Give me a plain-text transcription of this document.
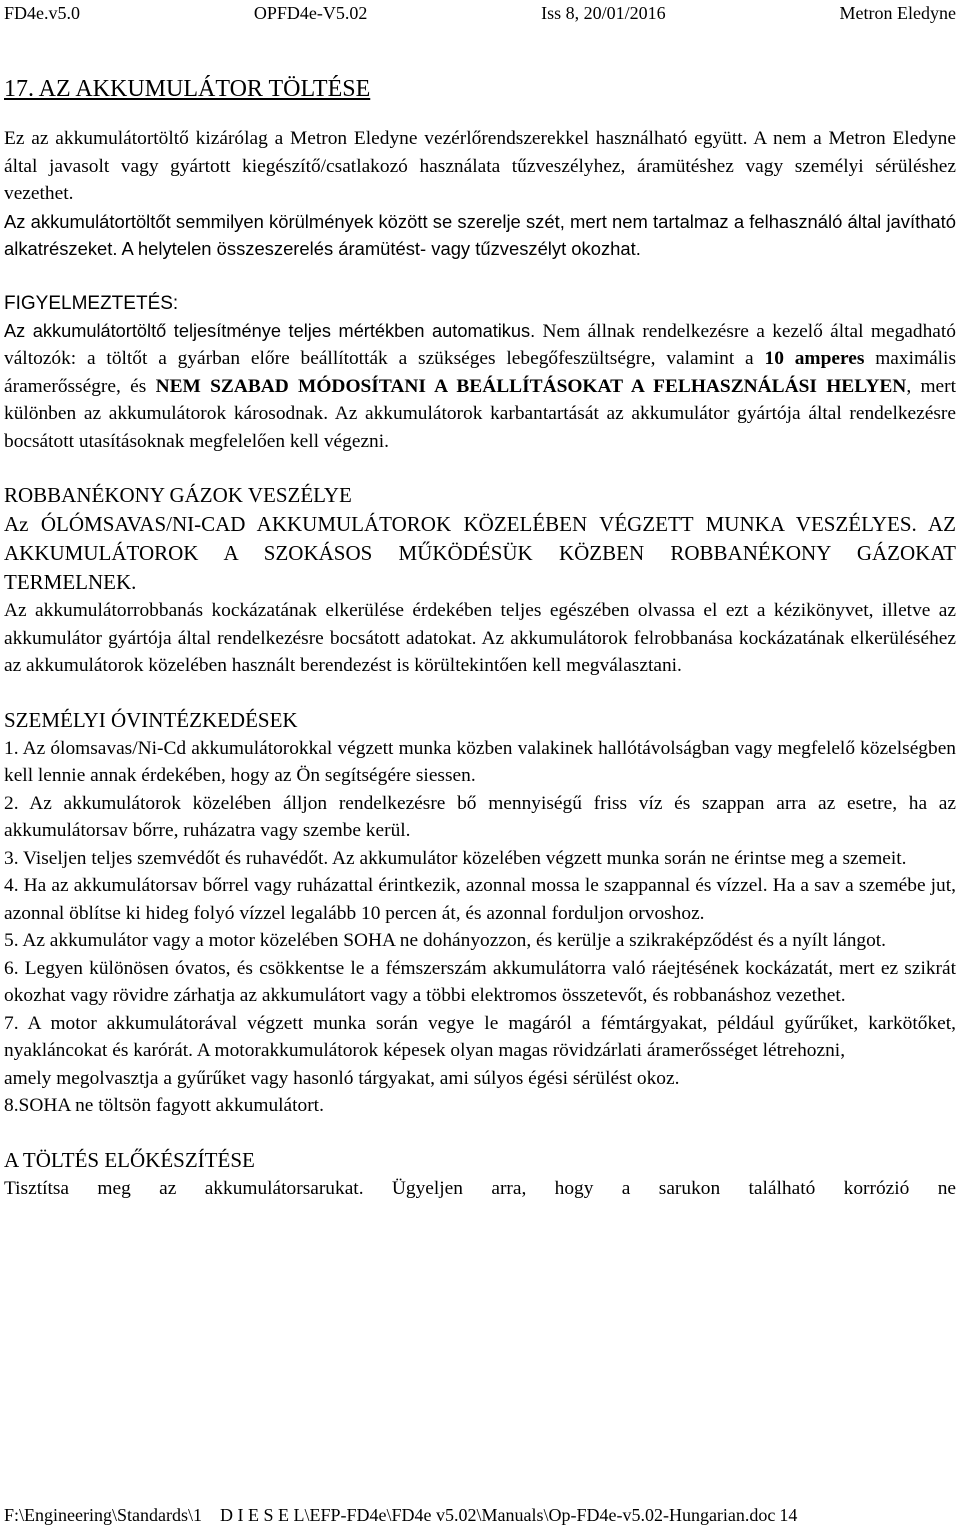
FD4e.v5.0	OPFD4e-V5.02	Iss 8, 20/01/2016	Metron Eledyne
17. AZ AKKUMULÁTOR TÖLTÉSE

Ez az akkumulátortöltő kizárólag a Metron Eledyne vezérlőrendszerekkel használható együtt. A nem a Metron Eledyne által javasolt vagy gyártott kiegészítő/csatlakozó használata tűzveszélyhez, áramütéshez vagy személyi sérüléshez vezethet.

Az akkumulátortöltőt semmilyen körülmények között se szerelje szét, mert nem tartalmaz a felhasználó által javítható alkatrészeket. A helytelen összeszerelés áramütést- vagy tűzveszélyt okozhat.

FIGYELMEZTETÉS:

Az akkumulátortöltő teljesítménye teljes mértékben automatikus. Nem állnak rendelkezésre a kezelő által megadható változók: a töltőt a gyárban előre beállították a szükséges lebegőfeszültségre, valamint a 10 amperes maximális áramerősségre, és NEM SZABAD MÓDOSÍTANI A BEÁLLÍTÁSOKAT A FELHASZNÁLÁSI HELYEN, mert különben az akkumulátorok károsodnak. Az akkumulátorok karbantartását az akkumulátor gyártója által rendelkezésre bocsátott utasításoknak megfelelően kell végezni.

ROBBANÉKONY GÁZOK VESZÉLYE

Az ÓLÓMSAVAS/NI-CAD AKKUMULÁTOROK KÖZELÉBEN VÉGZETT MUNKA VESZÉLYES. AZ AKKUMULÁTOROK A SZOKÁSOS MŰKÖDÉSÜK KÖZBEN ROBBANÉKONY GÁZOKAT TERMELNEK.

Az akkumulátorrobbanás kockázatának elkerülése érdekében teljes egészében olvassa el ezt a kézikönyvet, illetve az akkumulátor gyártója által rendelkezésre bocsátott adatokat. Az akkumulátorok felrobbanása kockázatának elkerüléséhez az akkumulátorok közelében használt berendezést is körültekintően kell megválasztani.

SZEMÉLYI ÓVINTÉZKEDÉSEK

1. Az ólomsavas/Ni-Cd akkumulátorokkal végzett munka közben valakinek hallótávolságban vagy megfelelő közelségben kell lennie annak érdekében, hogy az Ön segítségére siessen.

2. Az akkumulátorok közelében álljon rendelkezésre bő mennyiségű friss víz és szappan arra az esetre, ha az akkumulátorsav bőrre, ruházatra vagy szembe kerül.

3. Viseljen teljes szemvédőt és ruhavédőt. Az akkumulátor közelében végzett munka során ne érintse meg a szemeit.

4. Ha az akkumulátorsav bőrrel vagy ruházattal érintkezik, azonnal mossa le szappannal és vízzel. Ha a sav a szemébe jut, azonnal öblítse ki hideg folyó vízzel legalább 10 percen át, és azonnal forduljon orvoshoz.

5. Az akkumulátor vagy a motor közelében SOHA ne dohányozzon, és kerülje a szikraképződést és a nyílt lángot.

6. Legyen különösen óvatos, és csökkentse le a fémszerszám akkumulátorra való ráejtésének kockázatát, mert ez szikrát okozhat vagy rövidre zárhatja az akkumulátort vagy a többi elektromos összetevőt, és robbanáshoz vezethet.

7. A motor akkumulátorával végzett munka során vegye le magáról a fémtárgyakat, például gyűrűket, karkötőket, nyakláncokat és karórát. A motorakkumulátorok képesek olyan magas rövidzárlati áramerősséget létrehozni,

amely megolvasztja a gyűrűket vagy hasonló tárgyakat, ami súlyos égési sérülést okoz.

8.SOHA ne töltsön fagyott akkumulátort.

A TÖLTÉS ELŐKÉSZÍTÉSE

Tisztítsa meg az akkumulátorsarukat. Ügyeljen arra, hogy a sarukon található korrózió ne

F:\Engineering\Standards\1    D I E S E L\EFP-FD4e\FD4e v5.02\Manuals\Op-FD4e-v5.02-Hungarian.doc 14
